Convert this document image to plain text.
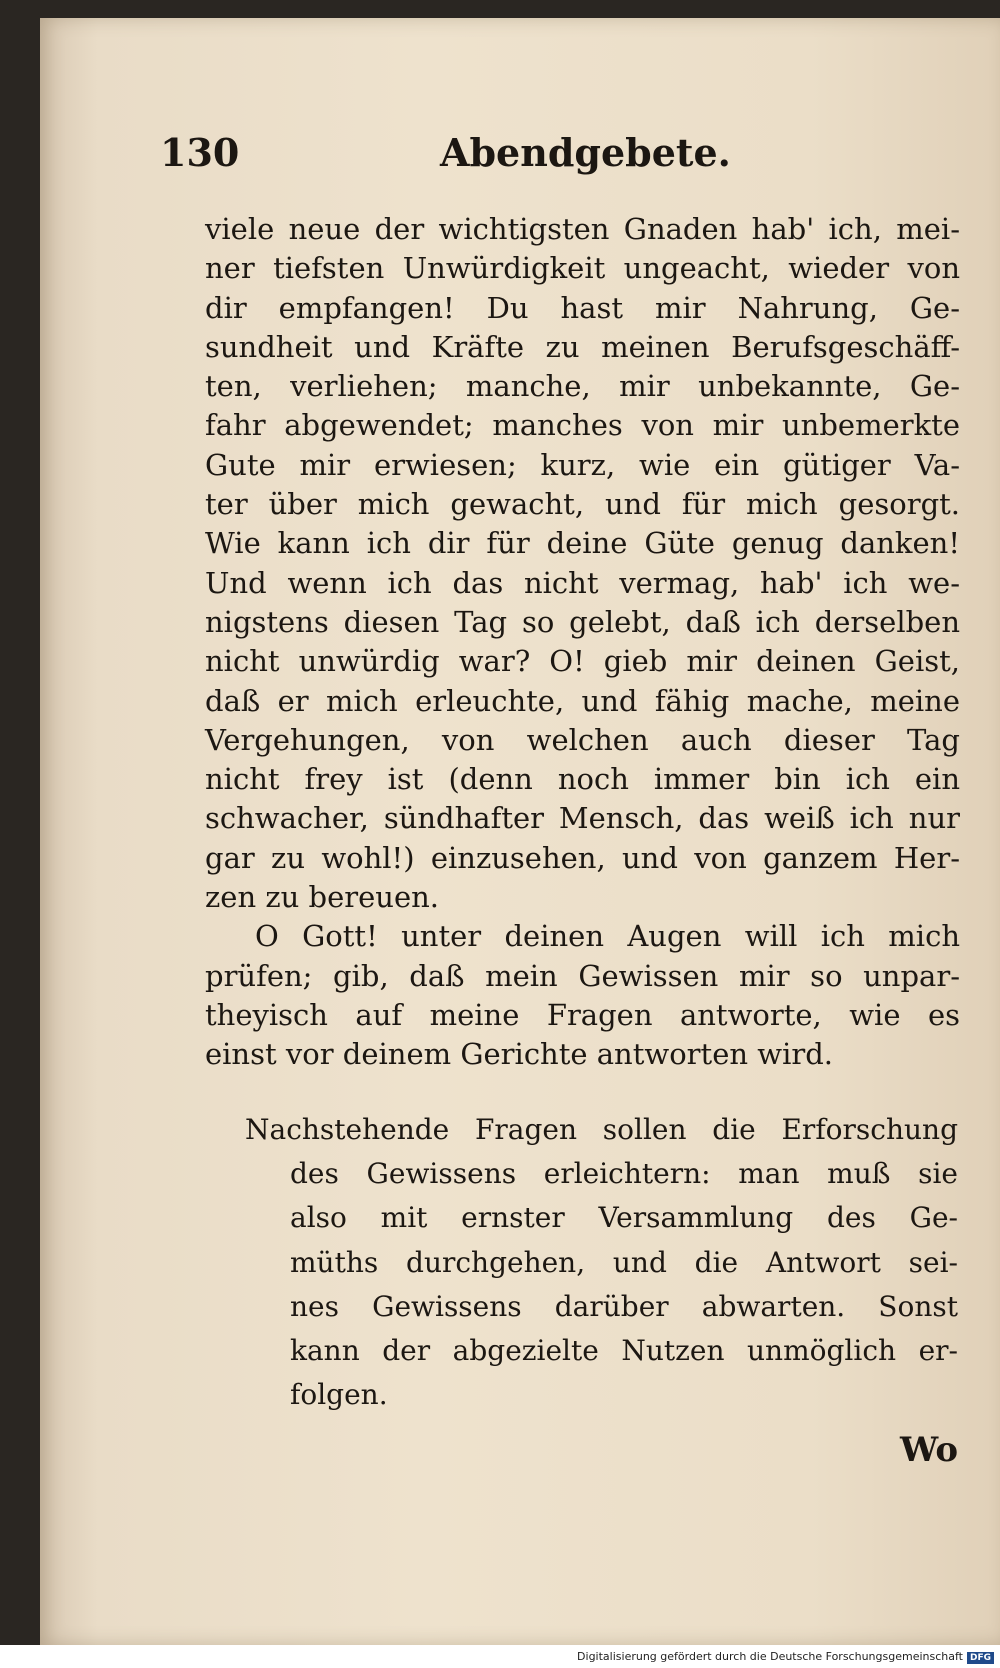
130	Abendgebete.
viele neue der wichtigsten Gnaden hab' ich, mei-
ner tiefsten Unwürdigkeit ungeacht, wieder von
dir empfangen! Du hast mir Nahrung, Ge-
sundheit und Kräfte zu meinen Berufsgeschäff-
ten, verliehen; manche, mir unbekannte, Ge-
fahr abgewendet; manches von mir unbemerkte
Gute mir erwiesen; kurz, wie ein gütiger Va-
ter über mich gewacht, und für mich gesorgt.
Wie kann ich dir für deine Güte genug danken!
Und wenn ich das nicht vermag, hab' ich we-
nigstens diesen Tag so gelebt, daß ich derselben
nicht unwürdig war? O! gieb mir deinen Geist,
daß er mich erleuchte, und fähig mache, meine
Vergehungen, von welchen auch dieser Tag
nicht frey ist (denn noch immer bin ich ein
schwacher, sündhafter Mensch, das weiß ich nur
gar zu wohl!) einzusehen, und von ganzem Her-
zen zu bereuen.
O Gott! unter deinen Augen will ich mich
prüfen; gib, daß mein Gewissen mir so unpar-
theyisch auf meine Fragen antworte, wie es
einst vor deinem Gerichte antworten wird.
Nachstehende Fragen sollen die Erforschung
des Gewissens erleichtern: man muß sie
also mit ernster Versammlung des Ge-
müths durchgehen, und die Antwort sei-
nes Gewissens darüber abwarten. Sonst
kann der abgezielte Nutzen unmöglich er-
folgen.
Wo
Digitalisierung gefördert durch die Deutsche Forschungsgemeinschaft DFG
